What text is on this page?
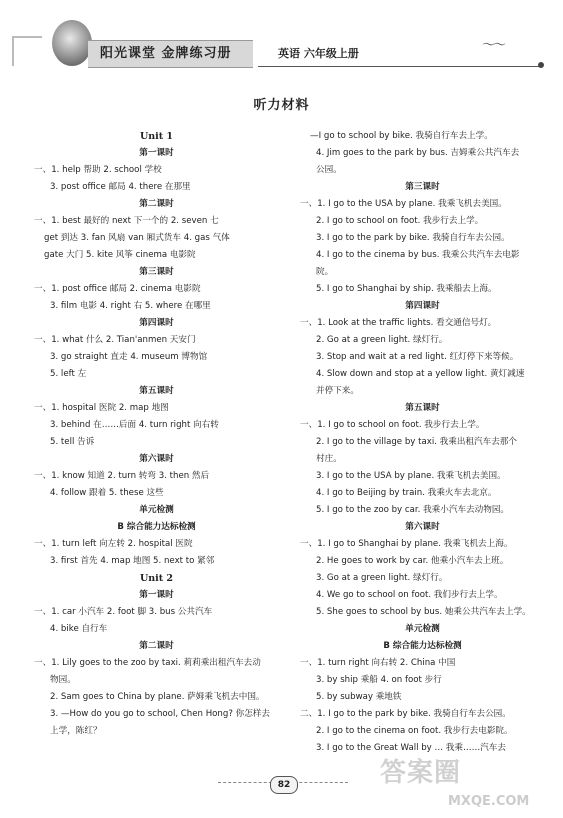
阳光课堂 金牌练习册	英语 六年级上册
〜〜
听力材料
Unit 1
第一课时
一、1. help 帮助 2. school 学校
3. post office 邮局 4. there 在那里
第二课时
一、1. best 最好的 next 下一个的 2. seven 七
get 到达 3. fan 风扇 van 厢式货车 4. gas 气体
gate 大门 5. kite 风筝 cinema 电影院
第三课时
一、1. post office 邮局 2. cinema 电影院
3. film 电影 4. right 右 5. where 在哪里
第四课时
一、1. what 什么 2. Tian'anmen 天安门
3. go straight 直走 4. museum 博物馆
5. left 左
第五课时
一、1. hospital 医院 2. map 地图
3. behind 在……后面 4. turn right 向右转
5. tell 告诉
第六课时
一、1. know 知道 2. turn 转弯 3. then 然后
4. follow 跟着 5. these 这些
单元检测
B 综合能力达标检测
一、1. turn left 向左转 2. hospital 医院
3. first 首先 4. map 地图 5. next to 紧邻
Unit 2
第一课时
一、1. car 小汽车 2. foot 脚 3. bus 公共汽车
4. bike 自行车
第二课时
一、1. Lily goes to the zoo by taxi. 莉莉乘出租汽车去动
物园。
2. Sam goes to China by plane. 萨姆乘飞机去中国。
3. —How do you go to school, Chen Hong? 你怎样去
上学，陈红？
—I go to school by bike. 我骑自行车去上学。
4. Jim goes to the park by bus. 吉姆乘公共汽车去
公园。
第三课时
一、1. I go to the USA by plane. 我乘飞机去美国。
2. I go to school on foot. 我步行去上学。
3. I go to the park by bike. 我骑自行车去公园。
4. I go to the cinema by bus. 我乘公共汽车去电影
院。
5. I go to Shanghai by ship. 我乘船去上海。
第四课时
一、1. Look at the traffic lights. 看交通信号灯。
2. Go at a green light. 绿灯行。
3. Stop and wait at a red light. 红灯停下来等候。
4. Slow down and stop at a yellow light. 黄灯减速
并停下来。
第五课时
一、1. I go to school on foot. 我步行去上学。
2. I go to the village by taxi. 我乘出租汽车去那个
村庄。
3. I go to the USA by plane. 我乘飞机去美国。
4. I go to Beijing by train. 我乘火车去北京。
5. I go to the zoo by car. 我乘小汽车去动物园。
第六课时
一、1. I go to Shanghai by plane. 我乘飞机去上海。
2. He goes to work by car. 他乘小汽车去上班。
3. Go at a green light. 绿灯行。
4. We go to school on foot. 我们步行去上学。
5. She goes to school by bus. 她乘公共汽车去上学。
单元检测
B 综合能力达标检测
一、1. turn right 向右转 2. China 中国
3. by ship 乘船 4. on foot 步行
5. by subway 乘地铁
二、1. I go to the park by bike. 我骑自行车去公园。
2. I go to the cinema on foot. 我步行去电影院。
3. I go to the Great Wall by … 我乘……汽车去
82	答案圈
MXQE.COM
